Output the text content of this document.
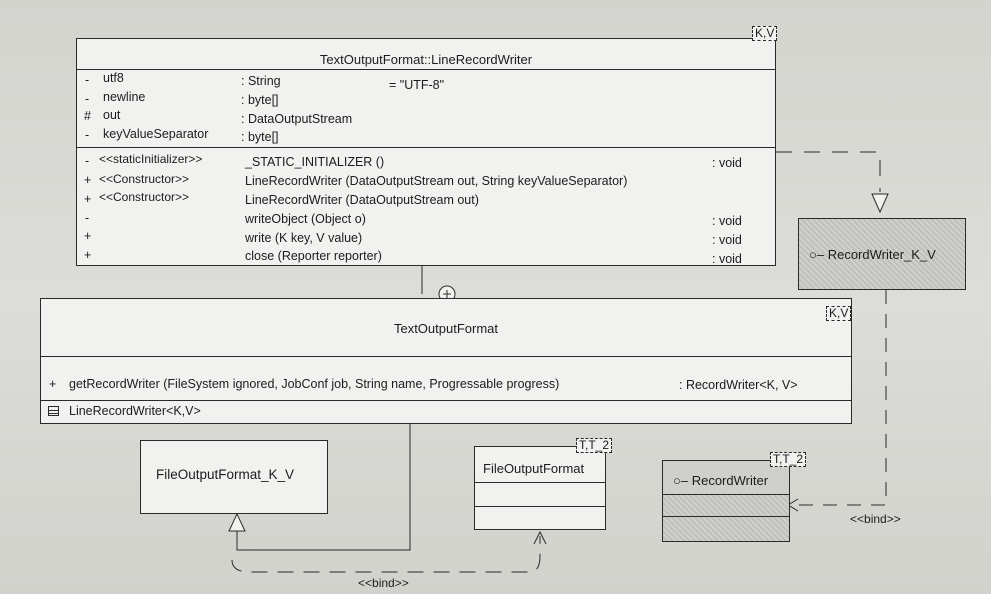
TextOutputFormat::LineRecordWriter
- utf8	: String	= "UTF-8"
- newline	: byte[]
# out	: DataOutputStream
- keyValueSeparator	: byte[]
- <<staticInitializer>>	_STATIC_INITIALIZER ()	: void
+ <<Constructor>>	LineRecordWriter (DataOutputStream out, String keyValueSeparator)
+ <<Constructor>>	LineRecordWriter (DataOutputStream out)
-	writeObject (Object o)	: void
+	write (K key, V value)	: void
+	close (Reporter reporter)	: void
K,V
TextOutputFormat
+ getRecordWriter (FileSystem ignored, JobConf job, String name, Progressable progress)	: RecordWriter<K, V>
LineRecordWriter<K,V>
K,V
○‒ RecordWriter_K_V
FileOutputFormat_K_V	FileOutputFormat
T,T_2
○‒ RecordWriter
T,T_2
<<bind>>
<<bind>>
